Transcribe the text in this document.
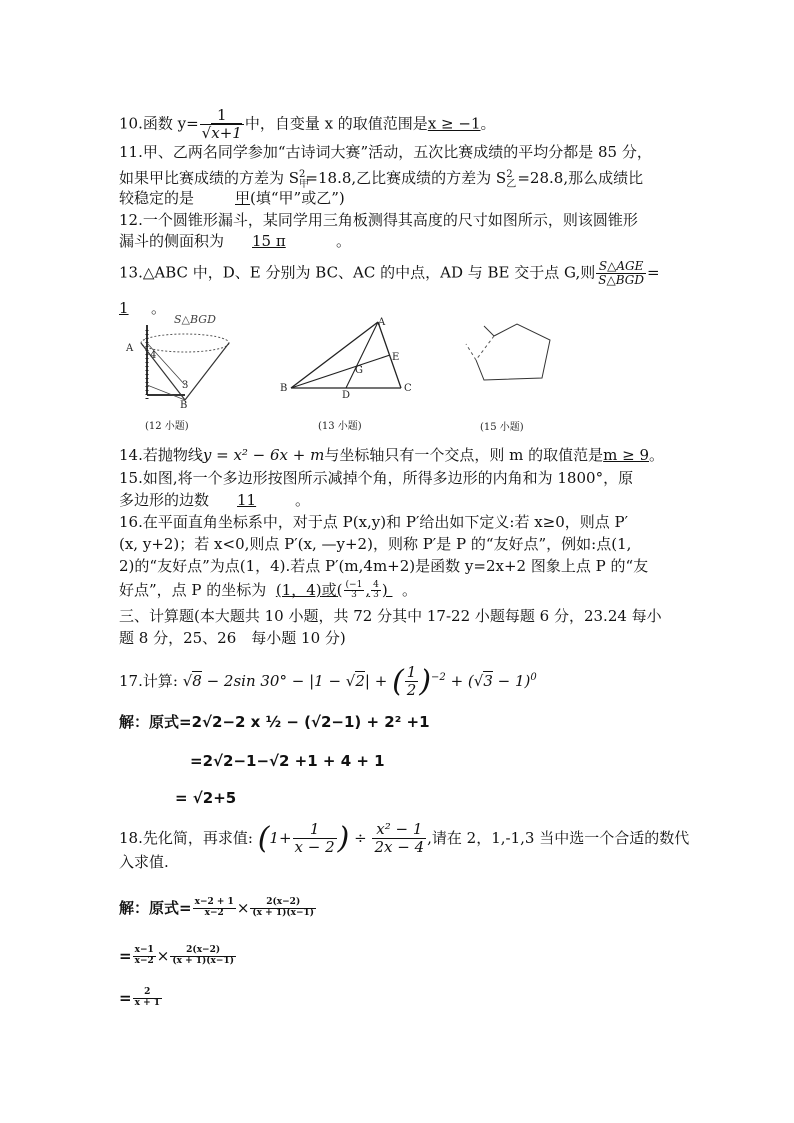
10.函数 $y= \frac{1}{√x+1}$ 中，自变量 x 的取值范围是x ≥ −1。
11.甲、乙两名同学参加“古诗词大赛”活动，五次比赛成绩的平均分都是 85 分，
如果甲比赛成绩的方差为 $S_甲^2=18.8$,乙比赛成绩的方差为 $S_乙^2 =28.8$,那么成绩比
较稳定的是	甲(填“甲”或乙”)
12.一个圆锥形漏斗，某同学用三角板测得其高度的尺寸如图所示，则该圆锥形
漏斗的侧面积为 15 π	。
13.△ABC 中，D、E 分别为 BC、AC 的中点，AD 与 BE 交于点 G,则 $\frac{\text{S△AGE}}{\text{S△BGD}}$ =
1 。
S△BGD
A
4
3
B
(12 小题)
A
B	C
D
E
G
(13 小题)	(15 小题)
14.若抛物线y = x² − 6x + m与坐标轴只有一个交点，则 m 的取值范是m ≥ 9。
15.如图,将一个多边形按图所示减掉个角，所得多边形的内角和为 1800°，原
多边形的边数 11	。
16.在平面直角坐标系中，对于点 P(x,y)和 P′给出如下定义:若 x≥0，则点 P′
(x, y+2)；若 x<0,则点 P′(x, —y+2)，则称 P′是 P 的“友好点”，例如:点(1,
2)的“友好点”为点(1，4).若点 P′(m,4m+2)是函数 y=2x+2 图象上点 P 的“友
好点”，点 P 的坐标为 (1，4)或( $\frac{(-1}{3}$ , $\frac{4}{3}$ )   。
三、计算题(本大题共 10 小题，共 72 分其中 17-22 小题每题 6 分，23.24 每小
题 8 分，25、26　每小题 10 分)
17.计算: √8 − 2sin 30° − |1 − √2| + ( $\frac{1}{2} )^{-2} + (√3 - 1)^0$
解：原式=2√2−2 x ½ − (√2−1) + 2² +1
=2√2−1−√2 +1 + 4 + 1
= √2+5
18.先化简，再求值: ($1+ \frac{1}{x - 2}$ ) ÷ $\frac{\text{x² − 1}}{2x - 4}$ ,请在 2，1,-1,3 当中选一个合适的数代
入求值.
解：原式= $\frac{x-2 + 1}{x-2} \times \frac{2(x-2)}{(x + 1)(x-1)}$
= $\frac{x-1}{x-2} \times \frac{2(x-2)}{(x + 1)(x-1)}$
= $\frac{2}{x + 1}$
